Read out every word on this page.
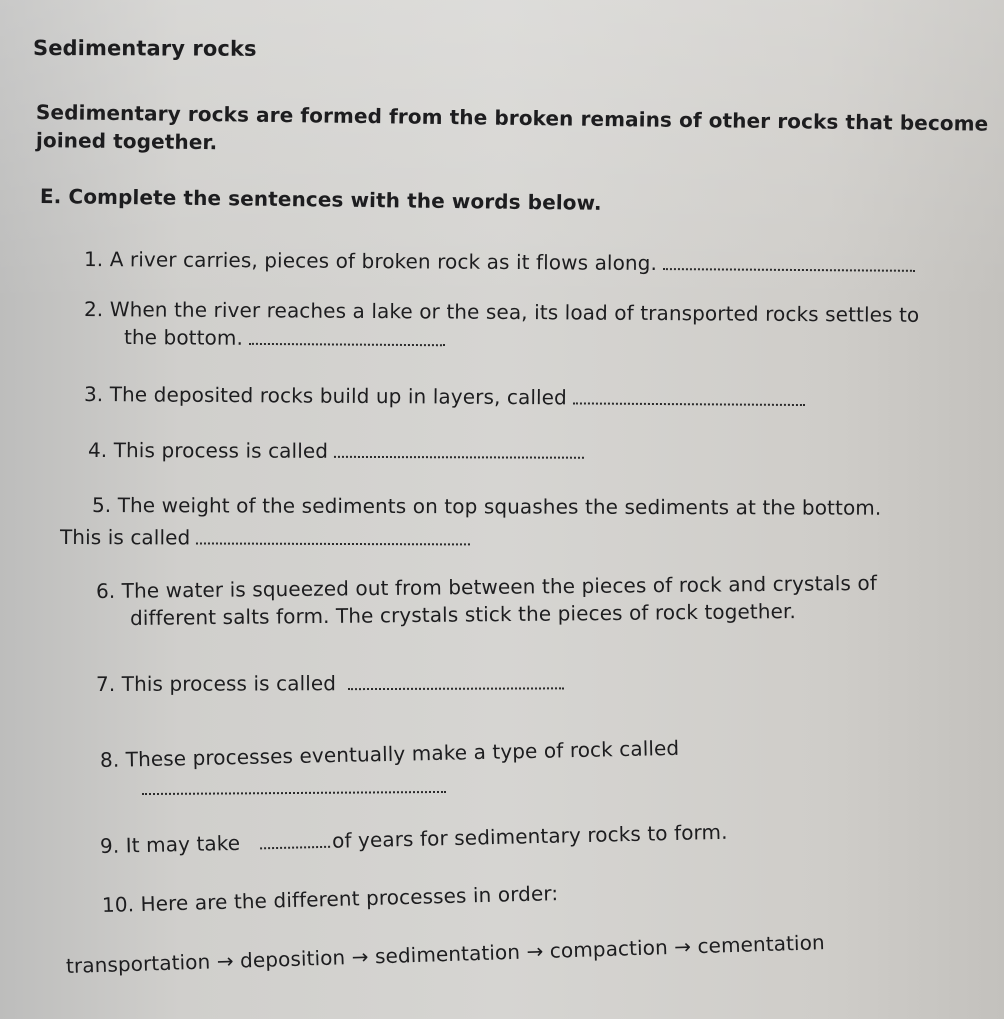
Sedimentary rocks
Sedimentary rocks are formed from the broken remains of other rocks that become
joined together.
E. Complete the sentences with the words below.
1. A river carries, pieces of broken rock as it flows along.
2. When the river reaches a lake or the sea, its load of transported rocks settles to
the bottom.
3. The deposited rocks build up in layers, called
4. This process is called
5. The weight of the sediments on top squashes the sediments at the bottom.
This is called
6. The water is squeezed out from between the pieces of rock and crystals of
different salts form. The crystals stick the pieces of rock together.
7. This process is called
8. These processes eventually make a type of rock called
9. It may take	of years for sedimentary rocks to form.
10. Here are the different processes in order:
transportation → deposition → sedimentation → compaction → cementation
